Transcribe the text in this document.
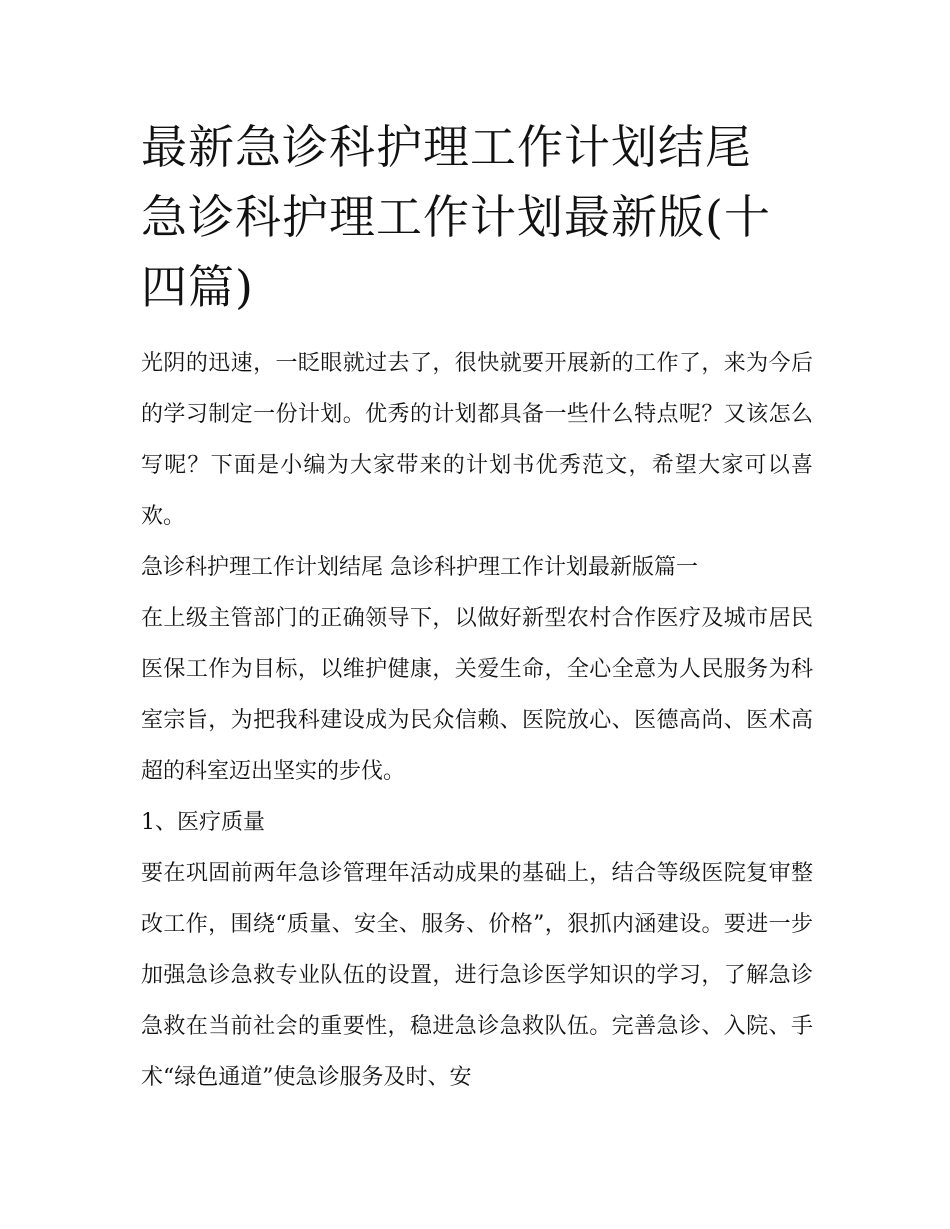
最新急诊科护理工作计划结尾 急诊科护理工作计划最新版(十四篇)

光阴的迅速，一眨眼就过去了，很快就要开展新的工作了，来为今后的学习制定一份计划。优秀的计划都具备一些什么特点呢？又该怎么写呢？下面是小编为大家带来的计划书优秀范文，希望大家可以喜欢。

急诊科护理工作计划结尾 急诊科护理工作计划最新版篇一

在上级主管部门的正确领导下，以做好新型农村合作医疗及城市居民医保工作为目标，以维护健康，关爱生命，全心全意为人民服务为科室宗旨，为把我科建设成为民众信赖、医院放心、医德高尚、医术高超的科室迈出坚实的步伐。

1、医疗质量

要在巩固前两年急诊管理年活动成果的基础上，结合等级医院复审整改工作，围绕“质量、安全、服务、价格”，狠抓内涵建设。要进一步加强急诊急救专业队伍的设置，进行急诊医学知识的学习，了解急诊急救在当前社会的重要性，稳进急诊急救队伍。完善急诊、入院、手术“绿色通道”使急诊服务及时、安
